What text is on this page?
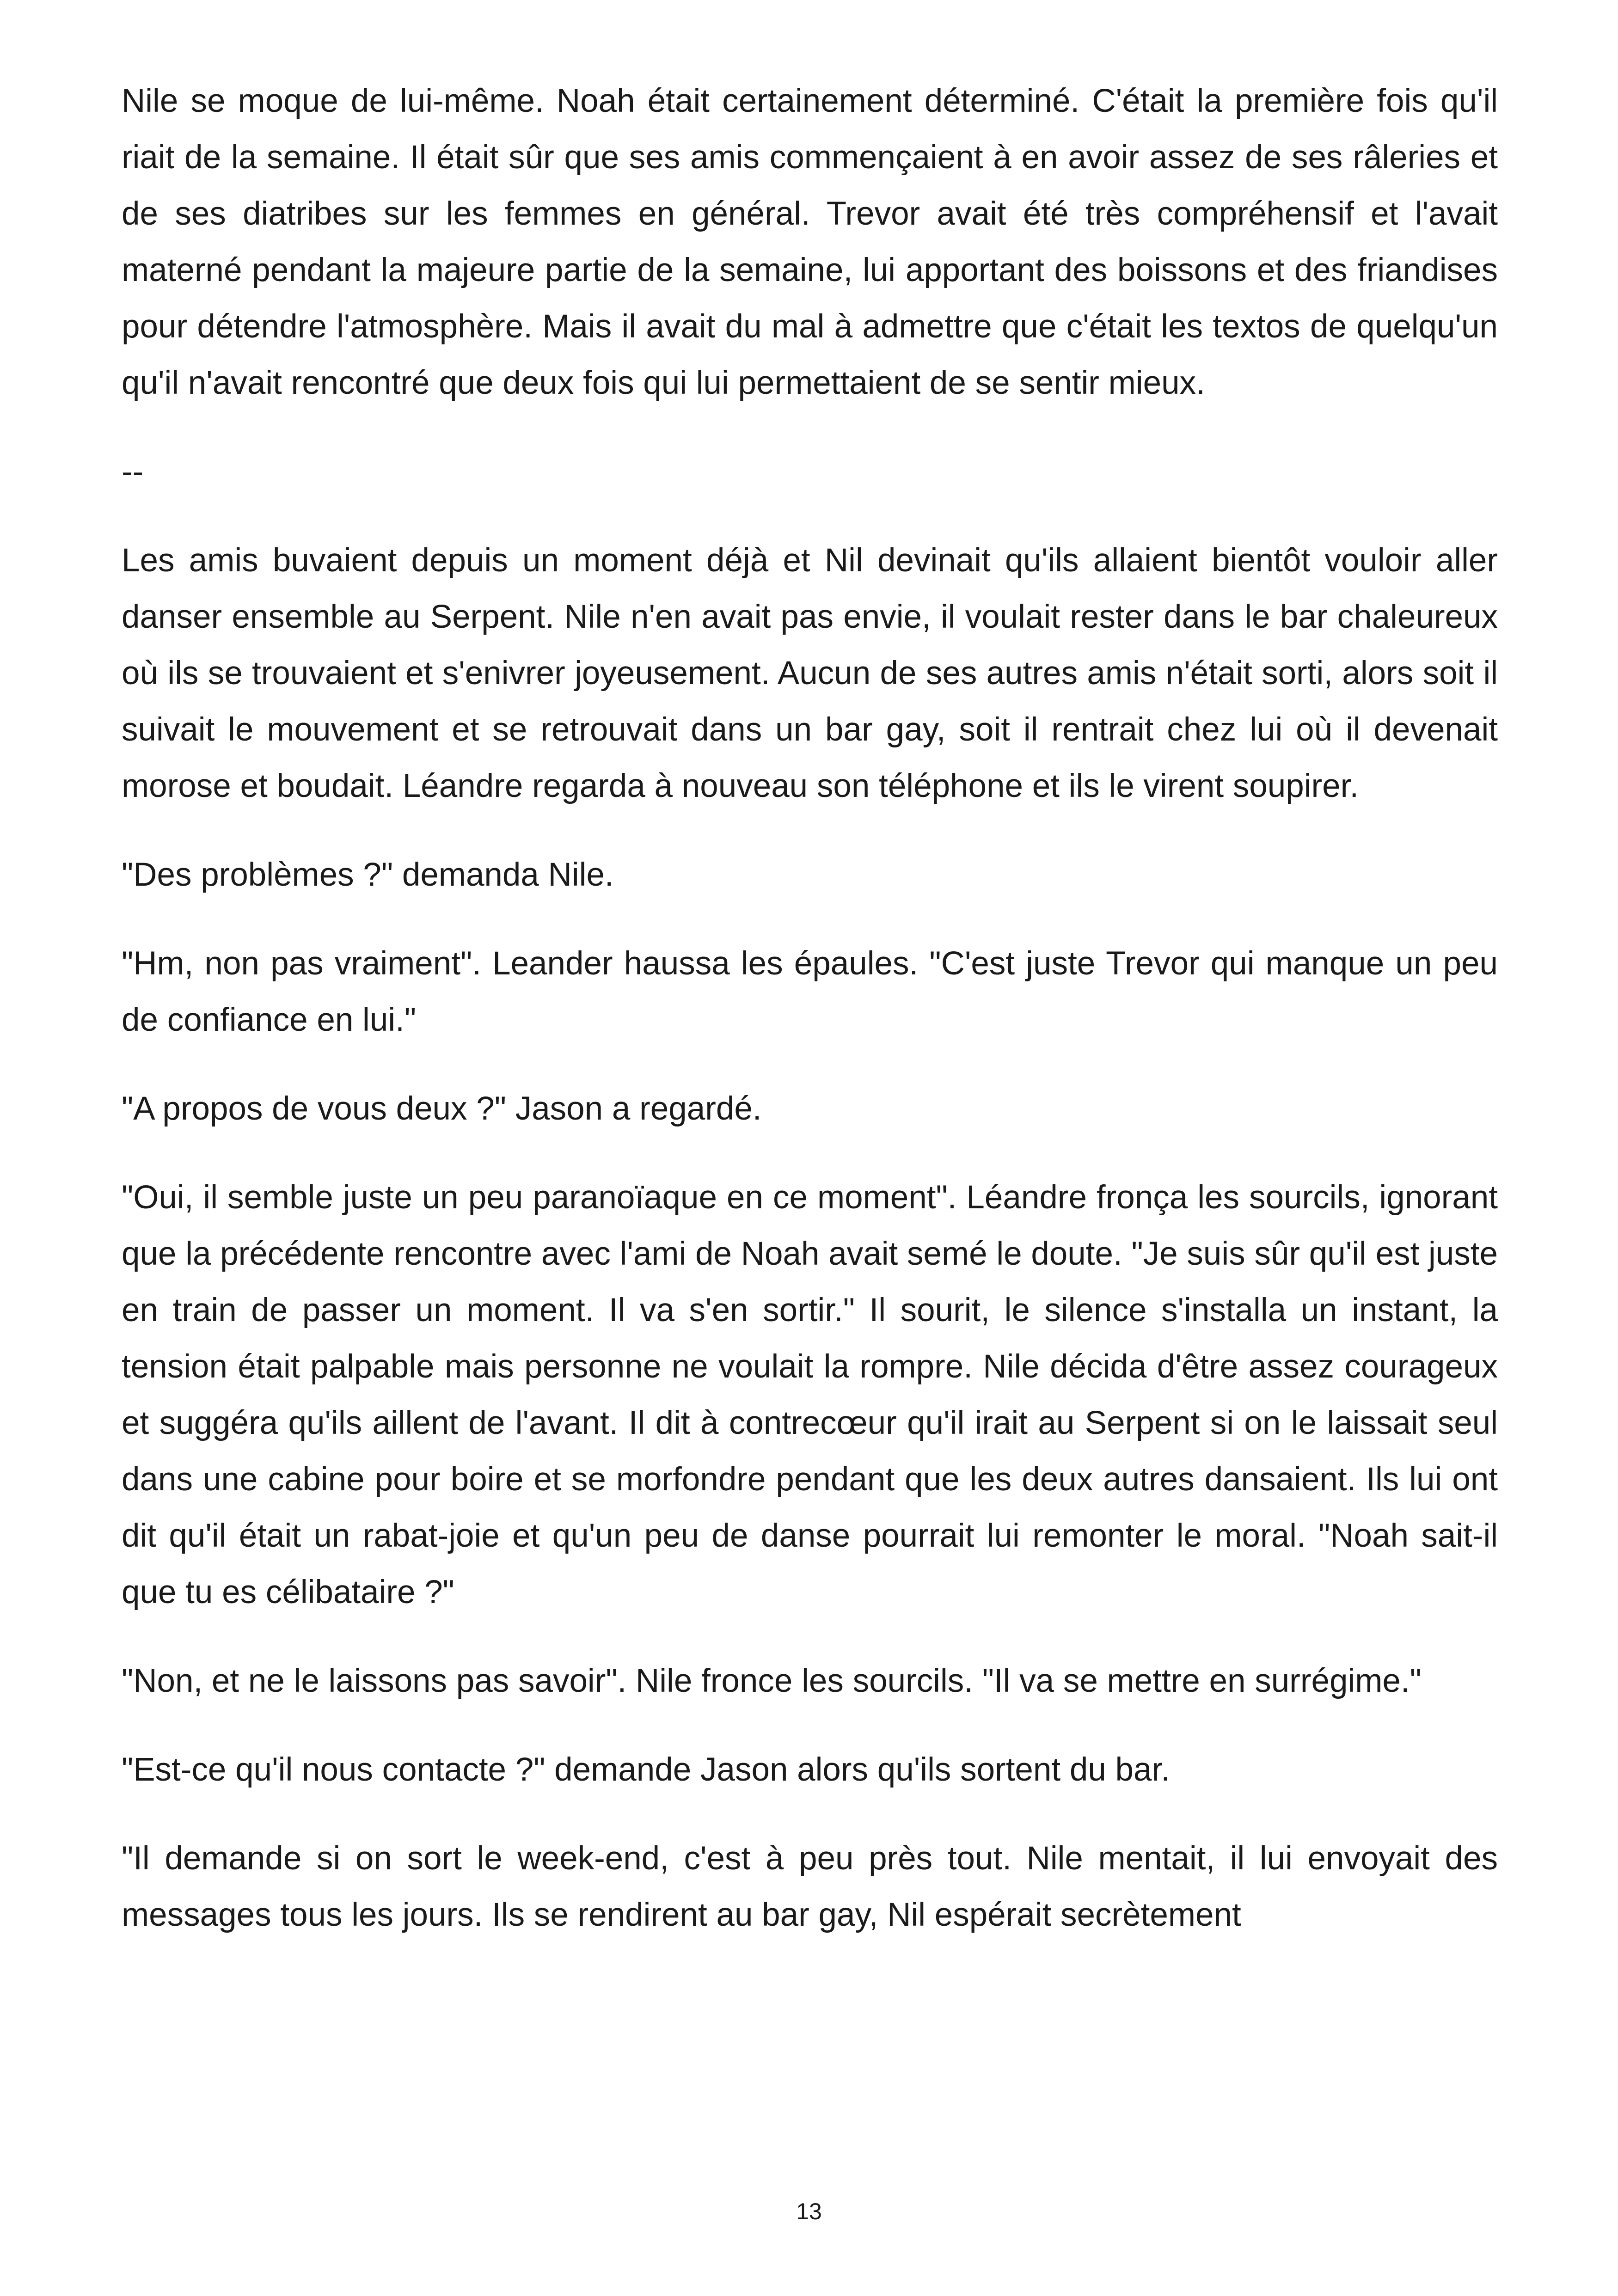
Nile se moque de lui-même. Noah était certainement déterminé. C'était la première fois qu'il riait de la semaine. Il était sûr que ses amis commençaient à en avoir assez de ses râleries et de ses diatribes sur les femmes en général. Trevor avait été très compréhensif et l'avait materné pendant la majeure partie de la semaine, lui apportant des boissons et des friandises pour détendre l'atmosphère. Mais il avait du mal à admettre que c'était les textos de quelqu'un qu'il n'avait rencontré que deux fois qui lui permettaient de se sentir mieux.

--

Les amis buvaient depuis un moment déjà et Nil devinait qu'ils allaient bientôt vouloir aller danser ensemble au Serpent. Nile n'en avait pas envie, il voulait rester dans le bar chaleureux où ils se trouvaient et s'enivrer joyeusement. Aucun de ses autres amis n'était sorti, alors soit il suivait le mouvement et se retrouvait dans un bar gay, soit il rentrait chez lui où il devenait morose et boudait. Léandre regarda à nouveau son téléphone et ils le virent soupirer.

"Des problèmes ?" demanda Nile.

"Hm, non pas vraiment". Leander haussa les épaules. "C'est juste Trevor qui manque un peu de confiance en lui."

"A propos de vous deux ?" Jason a regardé.

"Oui, il semble juste un peu paranoïaque en ce moment". Léandre fronça les sourcils, ignorant que la précédente rencontre avec l'ami de Noah avait semé le doute. "Je suis sûr qu'il est juste en train de passer un moment. Il va s'en sortir." Il sourit, le silence s'installa un instant, la tension était palpable mais personne ne voulait la rompre. Nile décida d'être assez courageux et suggéra qu'ils aillent de l'avant. Il dit à contrecœur qu'il irait au Serpent si on le laissait seul dans une cabine pour boire et se morfondre pendant que les deux autres dansaient. Ils lui ont dit qu'il était un rabat-joie et qu'un peu de danse pourrait lui remonter le moral. "Noah sait-il que tu es célibataire ?"

"Non, et ne le laissons pas savoir". Nile fronce les sourcils. "Il va se mettre en surrégime."

"Est-ce qu'il nous contacte ?" demande Jason alors qu'ils sortent du bar.

"Il demande si on sort le week-end, c'est à peu près tout. Nile mentait, il lui envoyait des messages tous les jours. Ils se rendirent au bar gay, Nil espérait secrètement

13
